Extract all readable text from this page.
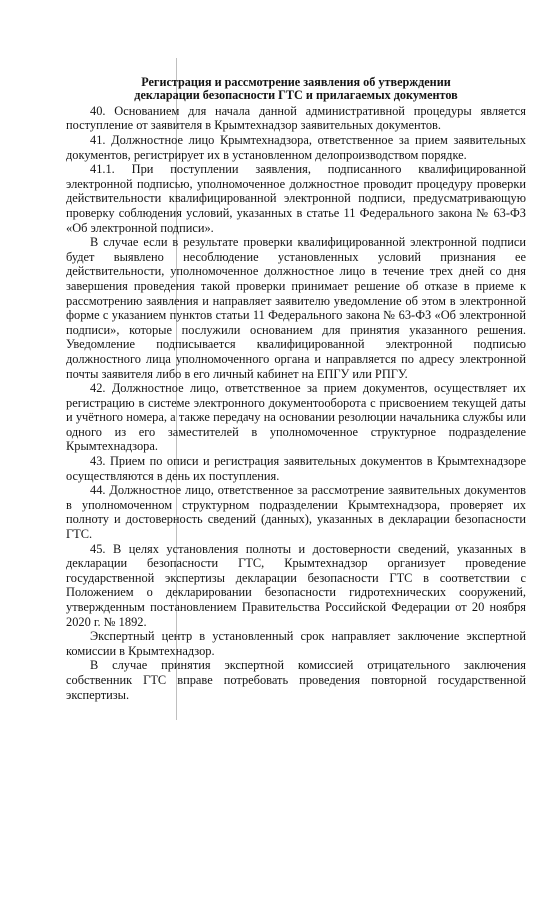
Регистрация и рассмотрение заявления об утверждении
декларации безопасности ГТС и прилагаемых документов

40. Основанием для начала данной административной процедуры является поступление от заявителя в Крымтехнадзор заявительных документов.

41. Должностное лицо Крымтехнадзора, ответственное за прием заявительных документов, регистрирует их в установленном делопроизводством порядке.

41.1. При поступлении заявления, подписанного квалифицированной электронной подписью, уполномоченное должностное проводит процедуру проверки действительности квалифицированной электронной подписи, предусматривающую проверку соблюдения условий, указанных в статье 11 Федерального закона № 63-ФЗ «Об электронной подписи».

В случае если в результате проверки квалифицированной электронной подписи будет выявлено несоблюдение установленных условий признания ее действительности, уполномоченное должностное лицо в течение трех дней со дня завершения проведения такой проверки принимает решение об отказе в приеме к рассмотрению заявления и направляет заявителю уведомление об этом в электронной форме с указанием пунктов статьи 11 Федерального закона № 63-ФЗ «Об электронной подписи», которые послужили основанием для принятия указанного решения. Уведомление подписывается квалифицированной электронной подписью должностного лица уполномоченного органа и направляется по адресу электронной почты заявителя либо в его личный кабинет на ЕПГУ или РПГУ.

42. Должностное лицо, ответственное за прием документов, осуществляет их регистрацию в системе электронного документооборота с присвоением текущей даты и учётного номера, а также передачу на основании резолюции начальника службы или одного из его заместителей в уполномоченное структурное подразделение Крымтехнадзора.

43. Прием по описи и регистрация заявительных документов в Крымтехнадзоре осуществляются в день их поступления.

44. Должностное лицо, ответственное за рассмотрение заявительных документов в уполномоченном структурном подразделении Крымтехнадзора, проверяет их полноту и достоверность сведений (данных), указанных в декларации безопасности ГТС.

45. В целях установления полноты и достоверности сведений, указанных в декларации безопасности ГТС, Крымтехнадзор организует проведение государственной экспертизы декларации безопасности ГТС в соответствии с Положением о декларировании безопасности гидротехнических сооружений, утвержденным постановлением Правительства Российской Федерации от 20 ноября 2020 г. № 1892.

Экспертный центр в установленный срок направляет заключение экспертной комиссии в Крымтехнадзор.

В случае принятия экспертной комиссией отрицательного заключения собственник ГТС вправе потребовать проведения повторной государственной экспертизы.
